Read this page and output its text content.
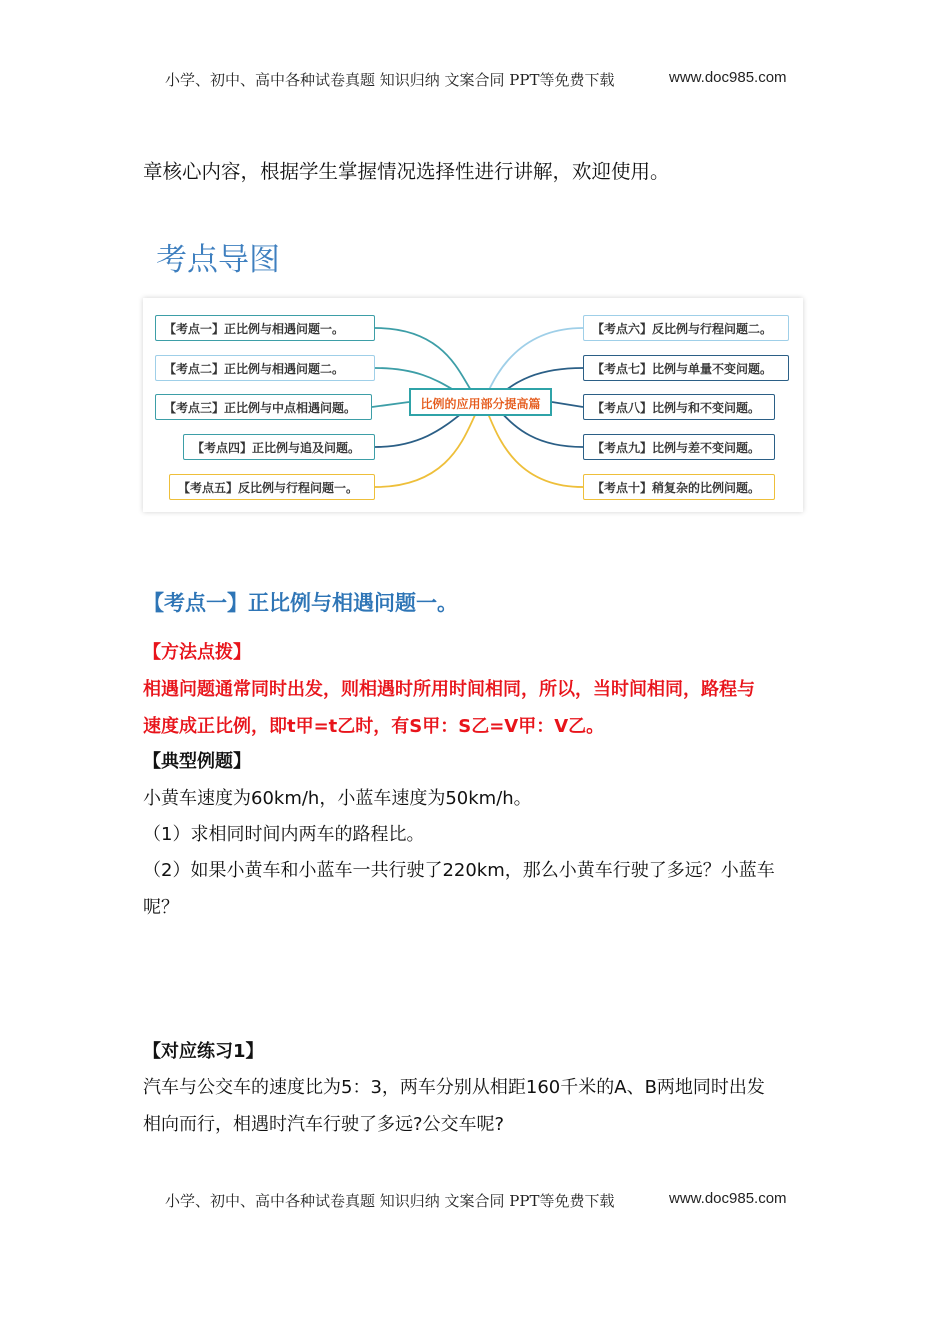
小学、初中、高中各种试卷真题 知识归纳 文案合同 PPT等免费下载	www.doc985.com
章核心内容，根据学生掌握情况选择性进行讲解，欢迎使用。
考点导图
【考点一】正比例与相遇问题一。
【考点二】正比例与相遇问题二。
【考点三】正比例与中点相遇问题。
【考点四】正比例与追及问题。
【考点五】反比例与行程问题一。
比例的应用部分提高篇
【考点六】反比例与行程问题二。
【考点七】比例与单量不变问题。
【考点八】比例与和不变问题。
【考点九】比例与差不变问题。
【考点十】稍复杂的比例问题。
【考点一】正比例与相遇问题一。
【方法点拨】
相遇问题通常同时出发，则相遇时所用时间相同，所以，当时间相同，路程与
速度成正比例，即t甲=t乙时，有S甲：S乙=V甲：V乙。
【典型例题】
小黄车速度为60km/h，小蓝车速度为50km/h。
（1）求相同时间内两车的路程比。
（2）如果小黄车和小蓝车一共行驶了220km，那么小黄车行驶了多远？小蓝车
呢？
【对应练习1】
汽车与公交车的速度比为5：3，两车分别从相距160千米的A、B两地同时出发
相向而行，相遇时汽车行驶了多远?公交车呢?
小学、初中、高中各种试卷真题 知识归纳 文案合同 PPT等免费下载	www.doc985.com
